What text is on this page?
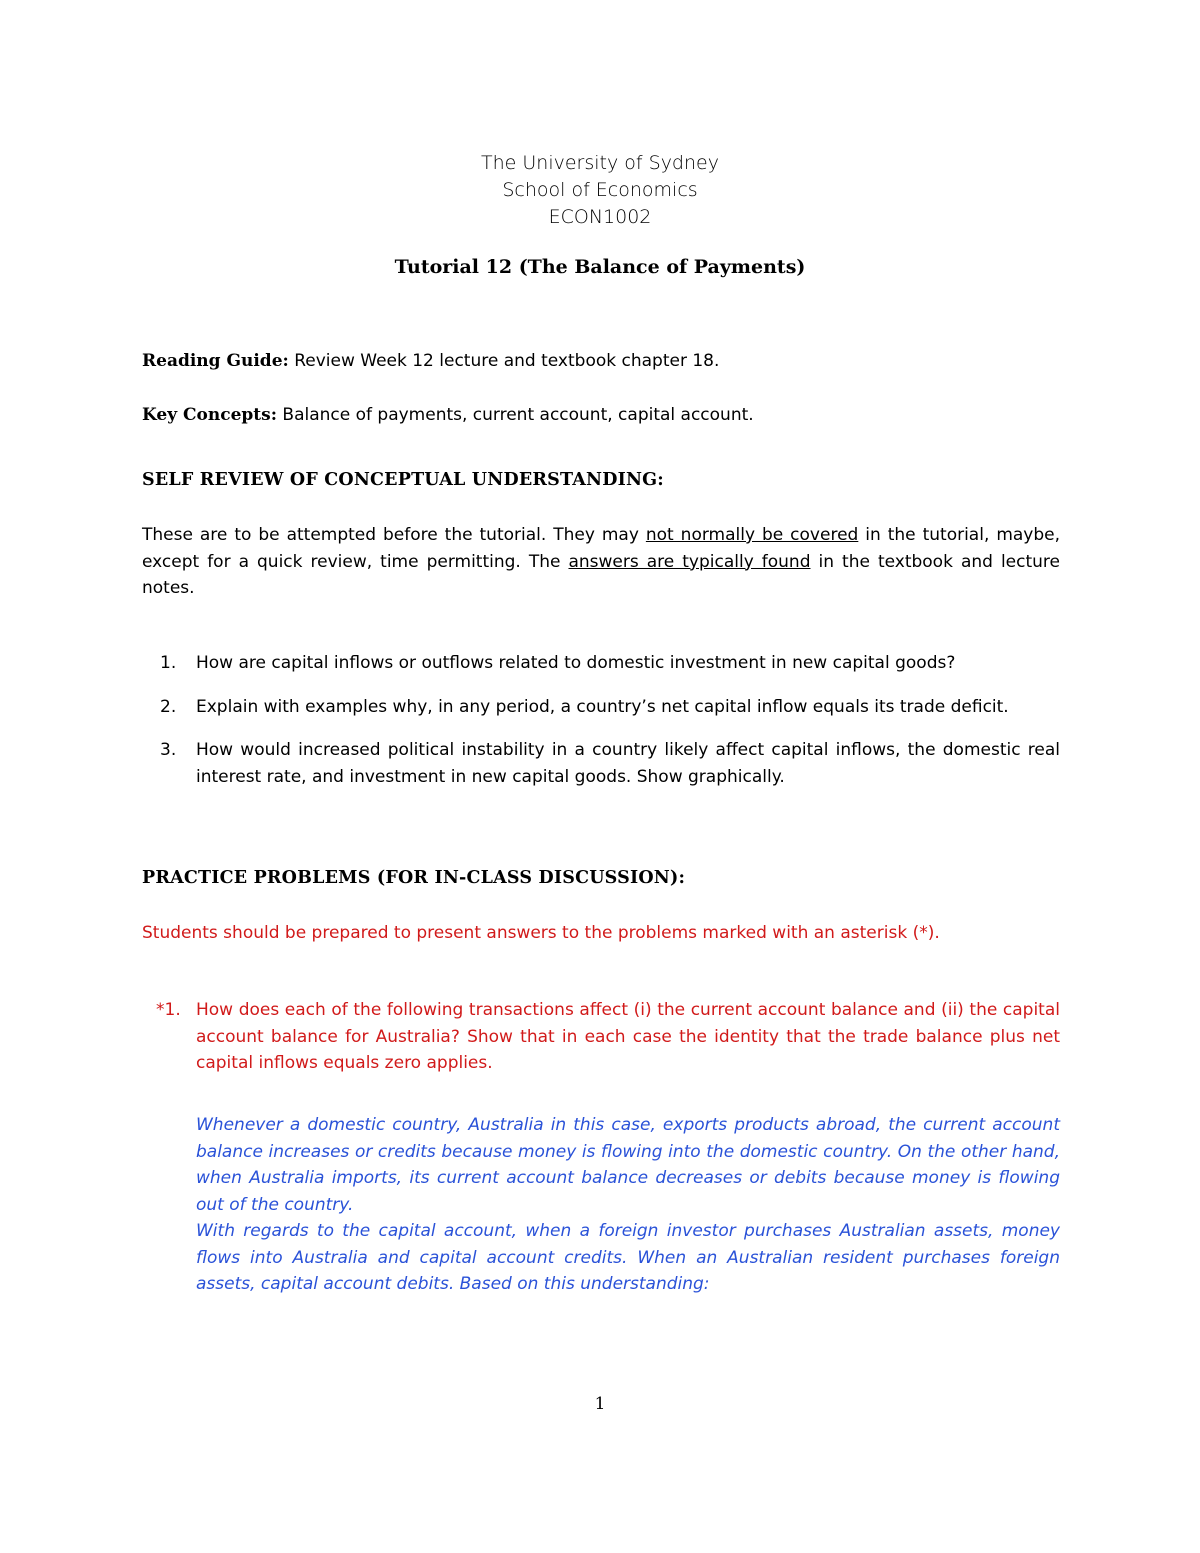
The University of Sydney
School of Economics
ECON1002
Tutorial 12 (The Balance of Payments)
Reading Guide: Review Week 12 lecture and textbook chapter 18.
Key Concepts: Balance of payments, current account, capital account.
SELF REVIEW OF CONCEPTUAL UNDERSTANDING:
These are to be attempted before the tutorial. They may not normally be covered in the tutorial, maybe, except for a quick review, time permitting. The answers are typically found in the textbook and lecture notes.
1. How are capital inflows or outflows related to domestic investment in new capital goods?
2. Explain with examples why, in any period, a country’s net capital inflow equals its trade deficit.
3. How would increased political instability in a country likely affect capital inflows, the domestic real interest rate, and investment in new capital goods. Show graphically.
PRACTICE PROBLEMS (FOR IN-CLASS DISCUSSION):
Students should be prepared to present answers to the problems marked with an asterisk (*).
*1. How does each of the following transactions affect (i) the current account balance and (ii) the capital account balance for Australia? Show that in each case the identity that the trade balance plus net capital inflows equals zero applies.
Whenever a domestic country, Australia in this case, exports products abroad, the current account balance increases or credits because money is flowing into the domestic country. On the other hand, when Australia imports, its current account balance decreases or debits because money is flowing out of the country.
With regards to the capital account, when a foreign investor purchases Australian assets, money flows into Australia and capital account credits. When an Australian resident purchases foreign assets, capital account debits. Based on this understanding:
1
